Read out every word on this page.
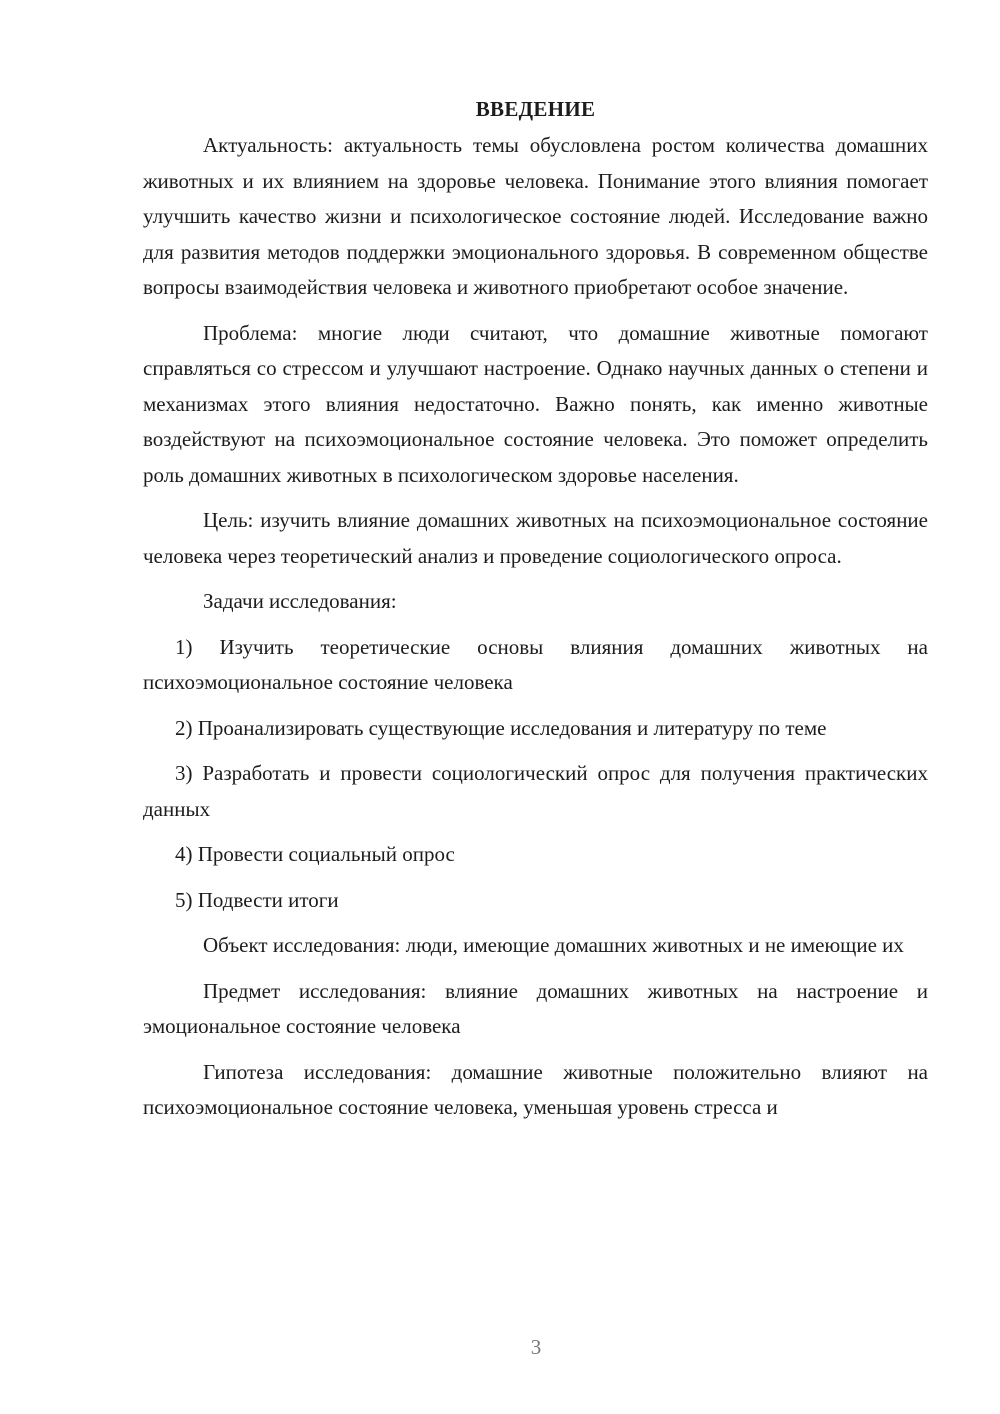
ВВЕДЕНИЕ

Актуальность: актуальность темы обусловлена ростом количества домашних животных и их влиянием на здоровье человека. Понимание этого влияния помогает улучшить качество жизни и психологическое состояние людей. Исследование важно для развития методов поддержки эмоционального здоровья. В современном обществе вопросы взаимодействия человека и животного приобретают особое значение.

Проблема: многие люди считают, что домашние животные помогают справляться со стрессом и улучшают настроение. Однако научных данных о степени и механизмах этого влияния недостаточно. Важно понять, как именно животные воздействуют на психоэмоциональное состояние человека. Это поможет определить роль домашних животных в психологическом здоровье населения.

Цель: изучить влияние домашних животных на психоэмоциональное состояние человека через теоретический анализ и проведение социологического опроса.

Задачи исследования:

1) Изучить теоретические основы влияния домашних животных на психоэмоциональное состояние человека

2) Проанализировать существующие исследования и литературу по теме

3) Разработать и провести социологический опрос для получения практических данных

4) Провести социальный опрос

5) Подвести итоги

Объект исследования: люди, имеющие домашних животных и не имеющие их

Предмет исследования: влияние домашних животных на настроение и эмоциональное состояние человека

Гипотеза исследования: домашние животные положительно влияют на психоэмоциональное состояние человека, уменьшая уровень стресса и

3
